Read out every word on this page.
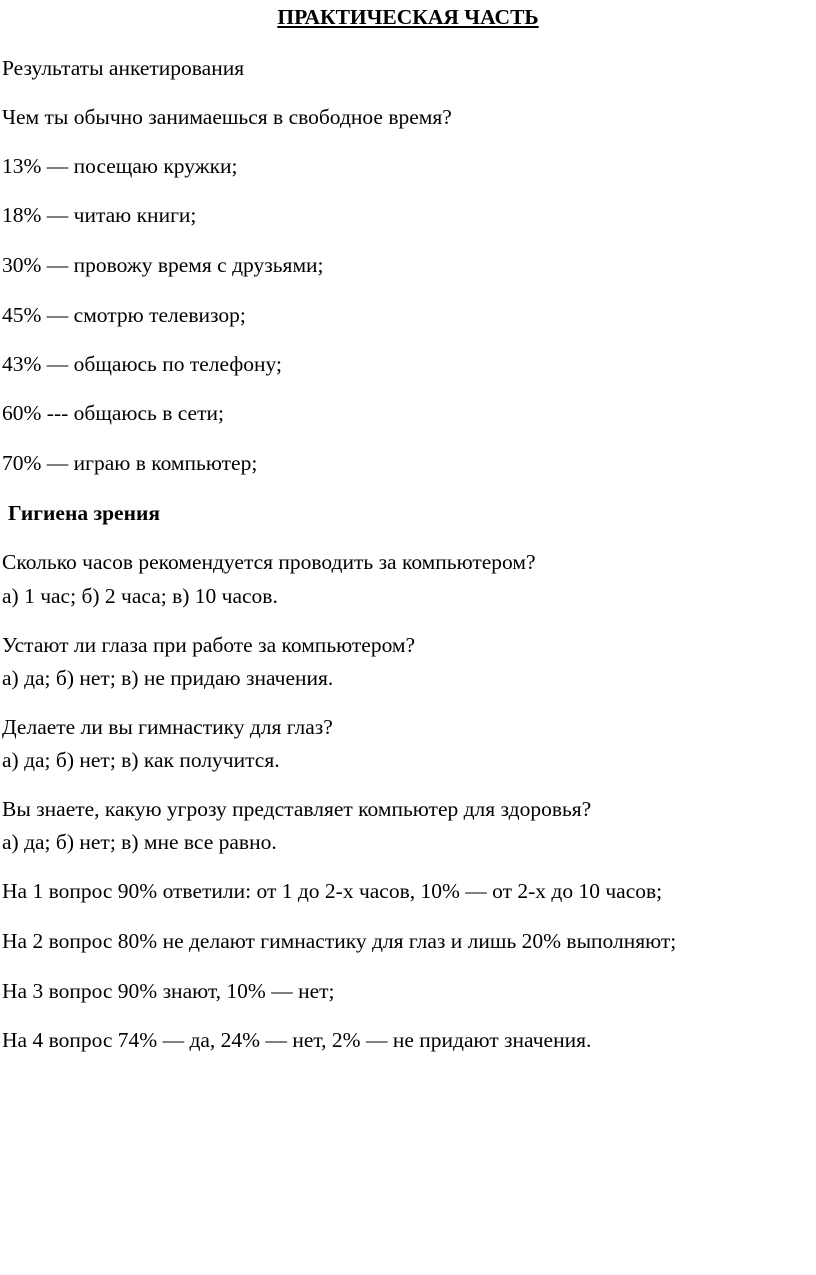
ПРАКТИЧЕСКАЯ ЧАСТЬ
Результаты анкетирования
Чем ты обычно занимаешься в свободное время?
13% — посещаю кружки;
18% — читаю книги;
30% — провожу время с друзьями;
45% — смотрю телевизор;
43% — общаюсь по телефону;
60% --- общаюсь в сети;
70% — играю в компьютер;
Гигиена зрения
Сколько часов рекомендуется проводить за компьютером?
а) 1 час; б) 2 часа; в) 10 часов.
Устают ли глаза при работе за компьютером?
а) да; б) нет; в) не придаю значения.
Делаете ли вы гимнастику для глаз?
а) да; б) нет; в) как получится.
Вы знаете, какую угрозу представляет компьютер для здоровья?
а) да; б) нет; в) мне все равно.
На 1 вопрос 90% ответили: от 1 до 2-х часов, 10% — от 2-х до 10 часов;
На 2 вопрос 80% не делают гимнастику для глаз и лишь 20% выполняют;
На 3 вопрос 90% знают, 10% — нет;
На 4 вопрос 74% — да, 24% — нет, 2% — не придают значения.
